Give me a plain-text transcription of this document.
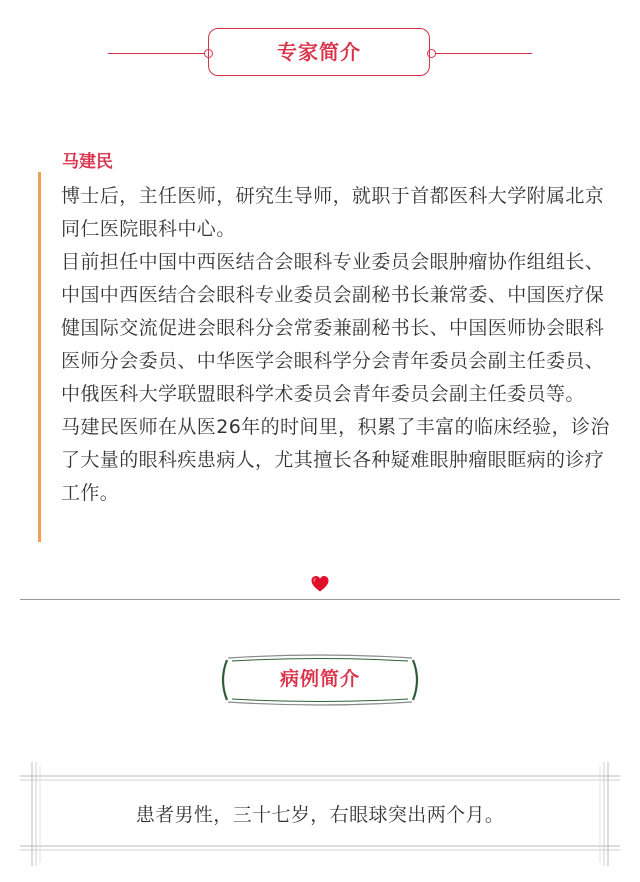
专家简介
马建民

博士后，主任医师，研究生导师，就职于首都医科大学附属北京同仁医院眼科中心。

目前担任中国中西医结合会眼科专业委员会眼肿瘤协作组组长、中国中西医结合会眼科专业委员会副秘书长兼常委、中国医疗保健国际交流促进会眼科分会常委兼副秘书长、中国医师协会眼科医师分会委员、中华医学会眼科学分会青年委员会副主任委员、中俄医科大学联盟眼科学术委员会青年委员会副主任委员等。

马建民医师在从医26年的时间里，积累了丰富的临床经验，诊治了大量的眼科疾患病人，尤其擅长各种疑难眼肿瘤眼眶病的诊疗工作。

病例简介
患者男性，三十七岁，右眼球突出两个月。
